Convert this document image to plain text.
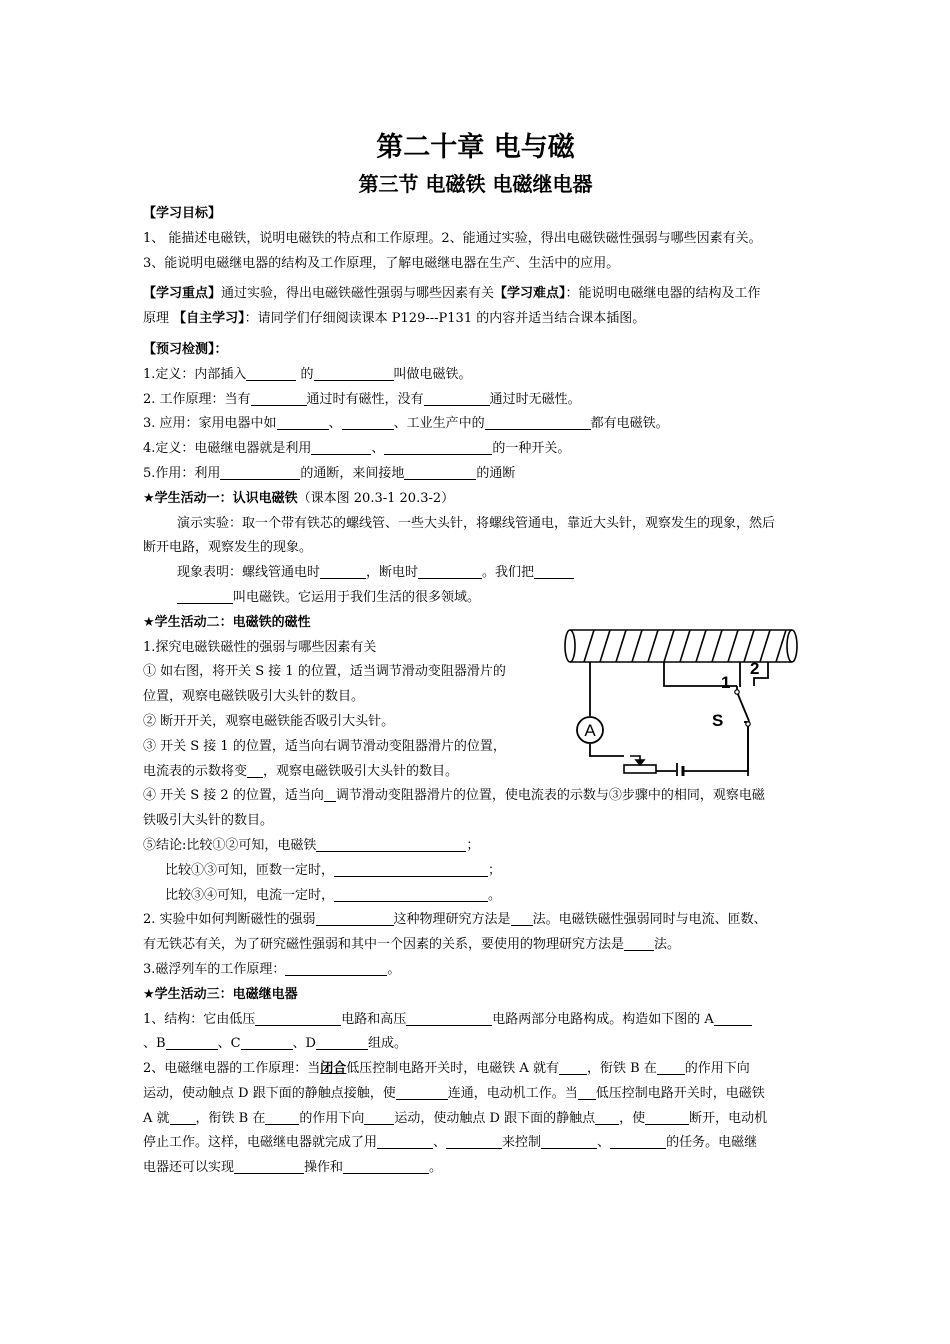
第二十章 电与磁
第三节 电磁铁 电磁继电器

【学习目标】

1、 能描述电磁铁，说明电磁铁的特点和工作原理。2、能通过实验，得出电磁铁磁性强弱与哪些因素有关。

3、能说明电磁继电器的结构及工作原理，了解电磁继电器在生产、生活中的应用。

【学习重点】通过实验，得出电磁铁磁性强弱与哪些因素有关【学习难点】：能说明电磁继电器的结构及工作

原理 【自主学习】：请同学们仔细阅读课本 P129---P131 的内容并适当结合课本插图。

【预习检测】：

1.定义：内部插入	的	叫做电磁铁。

2. 工作原理：当有	通过时有磁性，没有	通过时无磁性。

3. 应用：家用电器中如	、	、工业生产中的	都有电磁铁。

4.定义：电磁继电器就是利用	、	的一种开关。

5.作用：利用	的通断，来间接地	的通断

★学生活动一：认识电磁铁（课本图 20.3-1 20.3-2）

演示实验：取一个带有铁芯的螺线管、一些大头针，将螺线管通电，靠近大头针，观察发生的现象，然后

断开电路，观察发生的现象。

现象表明：螺线管通电时	，断电时	。我们把

叫电磁铁。它运用于我们生活的很多领域。

★学生活动二：电磁铁的磁性

1.探究电磁铁磁性的强弱与哪些因素有关

① 如右图，将开关 S 接 1 的位置，适当调节滑动变阻器滑片的

位置，观察电磁铁吸引大头针的数目。

② 断开开关，观察电磁铁能否吸引大头针。

③ 开关 S 接 1 的位置，适当向右调节滑动变阻器滑片的位置，

电流表的示数将变 ，观察电磁铁吸引大头针的数目。

④ 开关 S 接 2 的位置，适当向 调节滑动变阻器滑片的位置，使电流表的示数与③步骤中的相同，观察电磁

铁吸引大头针的数目。

⑤结论:比较①②可知，电磁铁	；

比较①③可知，匝数一定时，	；

比较③④可知，电流一定时，	。

2. 实验中如何判断磁性的强弱	这种物理研究方法是 法。电磁铁磁性强弱同时与电流、匝数、

有无铁芯有关，为了研究磁性强弱和其中一个因素的关系，要使用的物理研究方法是 法。

3.磁浮列车的工作原理：	。

★学生活动三：电磁继电器

1、结构：它由低压	电路和高压	电路两部分电路构成。构造如下图的 A

、B	、C	、D	组成。

2、电磁继电器的工作原理：当闭合低压控制电路开关时，电磁铁 A 就有 ，衔铁 B 在 的作用下向

运动，使动触点 D 跟下面的静触点接触，使	连通，电动机工作。当 低压控制电路开关时，电磁铁

A 就 ，衔铁 B 在	的作用下向 运动，使动触点 D 跟下面的静触点 ，使	断开，电动机

停止工作。这样，电磁继电器就完成了用	、	来控制	、	的任务。电磁继

电器还可以实现	操作和	。

A
1
2
S
